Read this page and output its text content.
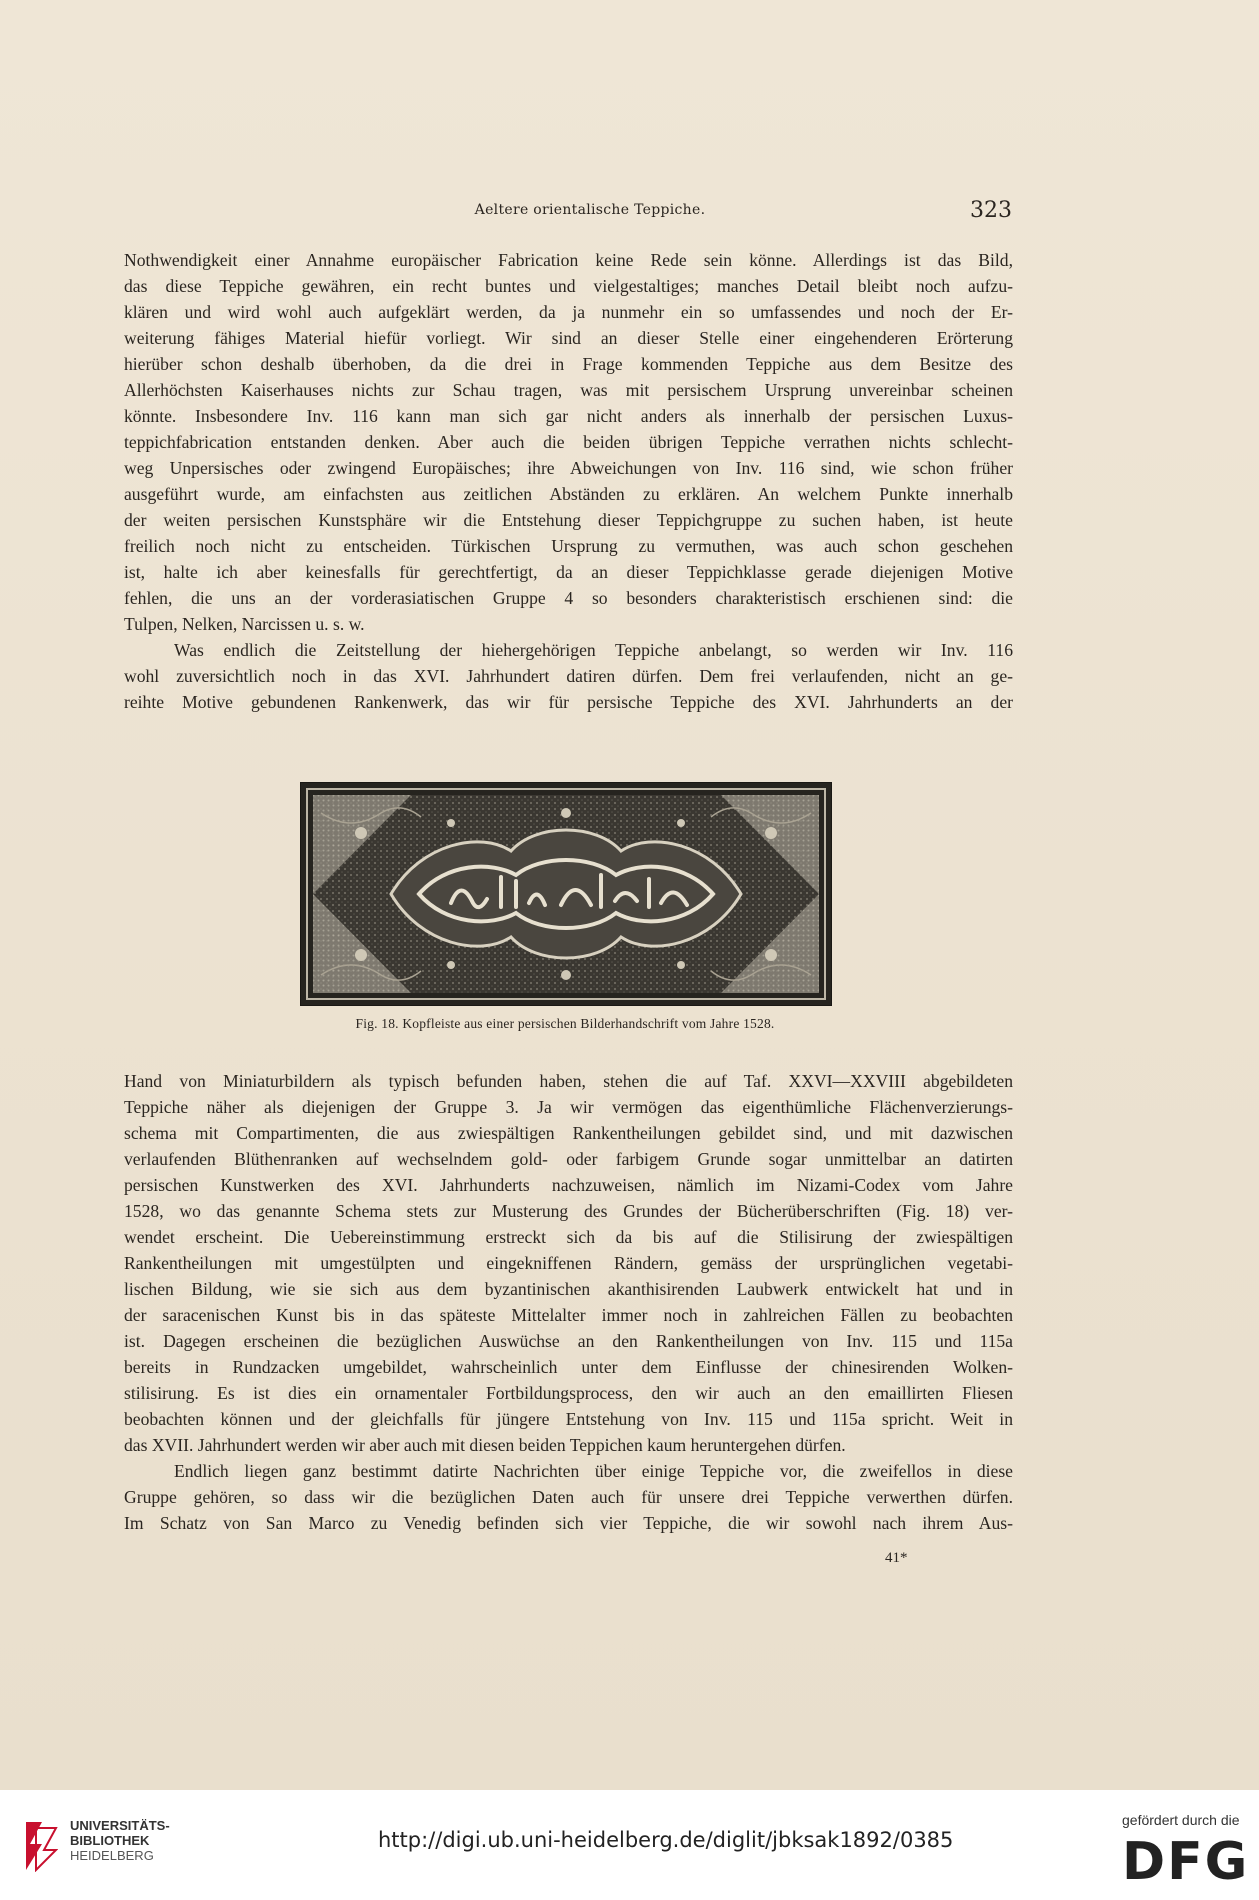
Aeltere orientalische Teppiche.	323
Nothwendigkeit einer Annahme europäischer Fabrication keine Rede sein könne. Allerdings ist das Bild,
das diese Teppiche gewähren, ein recht buntes und vielgestaltiges; manches Detail bleibt noch aufzu-
klären und wird wohl auch aufgeklärt werden, da ja nunmehr ein so umfassendes und noch der Er-
weiterung fähiges Material hiefür vorliegt. Wir sind an dieser Stelle einer eingehenderen Erörterung
hierüber schon deshalb überhoben, da die drei in Frage kommenden Teppiche aus dem Besitze des
Allerhöchsten Kaiserhauses nichts zur Schau tragen, was mit persischem Ursprung unvereinbar scheinen
könnte. Insbesondere Inv. 116 kann man sich gar nicht anders als innerhalb der persischen Luxus-
teppichfabrication entstanden denken. Aber auch die beiden übrigen Teppiche verrathen nichts schlecht-
weg Unpersisches oder zwingend Europäisches; ihre Abweichungen von Inv. 116 sind, wie schon früher
ausgeführt wurde, am einfachsten aus zeitlichen Abständen zu erklären. An welchem Punkte innerhalb
der weiten persischen Kunstsphäre wir die Entstehung dieser Teppichgruppe zu suchen haben, ist heute
freilich noch nicht zu entscheiden. Türkischen Ursprung zu vermuthen, was auch schon geschehen
ist, halte ich aber keinesfalls für gerechtfertigt, da an dieser Teppichklasse gerade diejenigen Motive
fehlen, die uns an der vorderasiatischen Gruppe 4 so besonders charakteristisch erschienen sind: die
Tulpen, Nelken, Narcissen u. s. w.
Was endlich die Zeitstellung der hiehergehörigen Teppiche anbelangt, so werden wir Inv. 116
wohl zuversichtlich noch in das XVI. Jahrhundert datiren dürfen. Dem frei verlaufenden, nicht an ge-
reihte Motive gebundenen Rankenwerk, das wir für persische Teppiche des XVI. Jahrhunderts an der
Fig. 18. Kopfleiste aus einer persischen Bilderhandschrift vom Jahre 1528.
Hand von Miniaturbildern als typisch befunden haben, stehen die auf Taf. XXVI—XXVIII abgebildeten
Teppiche näher als diejenigen der Gruppe 3. Ja wir vermögen das eigenthümliche Flächenverzierungs-
schema mit Compartimenten, die aus zwiespältigen Rankentheilungen gebildet sind, und mit dazwischen
verlaufenden Blüthenranken auf wechselndem gold- oder farbigem Grunde sogar unmittelbar an datirten
persischen Kunstwerken des XVI. Jahrhunderts nachzuweisen, nämlich im Nizami-Codex vom Jahre
1528, wo das genannte Schema stets zur Musterung des Grundes der Bücherüberschriften (Fig. 18) ver-
wendet erscheint. Die Uebereinstimmung erstreckt sich da bis auf die Stilisirung der zwiespältigen
Rankentheilungen mit umgestülpten und eingekniffenen Rändern, gemäss der ursprünglichen vegetabi-
lischen Bildung, wie sie sich aus dem byzantinischen akanthisirenden Laubwerk entwickelt hat und in
der saracenischen Kunst bis in das späteste Mittelalter immer noch in zahlreichen Fällen zu beobachten
ist. Dagegen erscheinen die bezüglichen Auswüchse an den Rankentheilungen von Inv. 115 und 115a
bereits in Rundzacken umgebildet, wahrscheinlich unter dem Einflusse der chinesirenden Wolken-
stilisirung. Es ist dies ein ornamentaler Fortbildungsprocess, den wir auch an den emaillirten Fliesen
beobachten können und der gleichfalls für jüngere Entstehung von Inv. 115 und 115a spricht. Weit in
das XVII. Jahrhundert werden wir aber auch mit diesen beiden Teppichen kaum heruntergehen dürfen.
Endlich liegen ganz bestimmt datirte Nachrichten über einige Teppiche vor, die zweifellos in diese
Gruppe gehören, so dass wir die bezüglichen Daten auch für unsere drei Teppiche verwerthen dürfen.
Im Schatz von San Marco zu Venedig befinden sich vier Teppiche, die wir sowohl nach ihrem Aus-
41*
UNIVERSITÄTS-
BIBLIOTHEK
HEIDELBERG
http://digi.ub.uni-heidelberg.de/diglit/jbksak1892/0385
gefördert durch die
DFG
